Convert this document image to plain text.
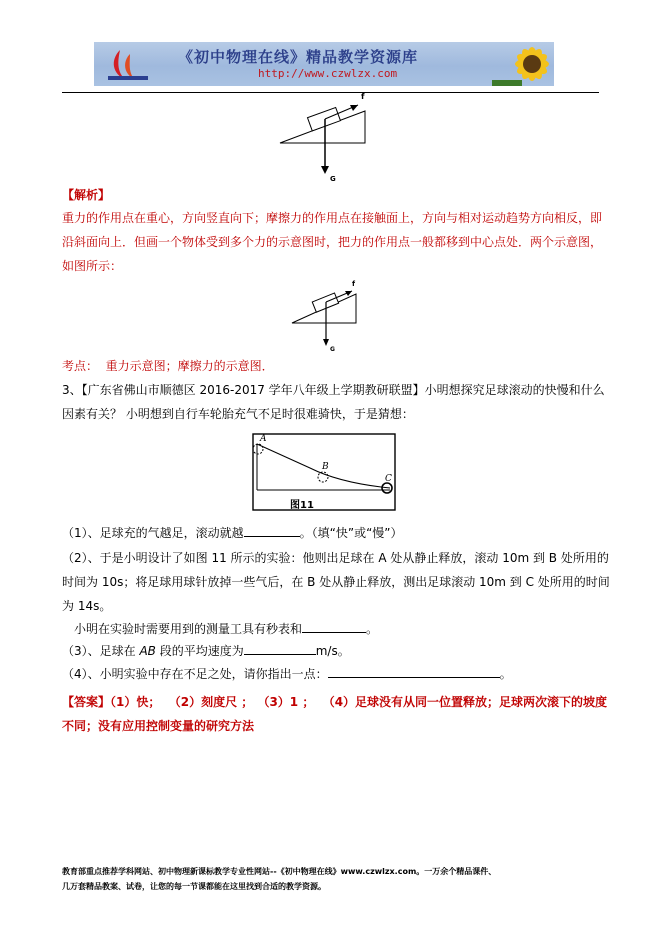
《初中物理在线》精品教学资源库
http://www.czwlzx.com
f
G
【解析】
重力的作用点在重心，方向竖直向下；摩擦力的作用点在接触面上，方向与相对运动趋势方向相反，即
沿斜面向上．但画一个物体受到多个力的示意图时，把力的作用点一般都移到中心点处．两个示意图，
如图所示：
f
G
考点： 重力示意图；摩擦力的示意图．
3、【广东省佛山市顺德区 2016-2017 学年八年级上学期教研联盟】小明想探究足球滚动的快慢和什么
因素有关？ 小明想到自行车轮胎充气不足时很难骑快，于是猜想：
A
B
C
图11
（1）、足球充的气越足，滚动就越	。（填“快”或“慢”）
（2）、于是小明设计了如图 11 所示的实验：他则出足球在 A 处从静止释放，滚动 10m 到 B 处所用的
时间为 10s；将足球用球针放掉一些气后，在 B 处从静止释放，测出足球滚动 10m 到 C 处所用的时间
为 14s。
小明在实验时需要用到的测量工具有秒表和	。
（3）、足球在 AB 段的平均速度为	m/s。
（4）、小明实验中存在不足之处，请你指出一点：	。
【答案】（1）快； （2）刻度尺 ； （3）1 ； （4）足球没有从同一位置释放；足球两次滚下的坡度
不同；没有应用控制变量的研究方法
教育部重点推荐学科网站、初中物理新课标教学专业性网站--《初中物理在线》www.czwlzx.com。一万余个精品课件、
几万套精品教案、试卷，让您的每一节课都能在这里找到合适的教学资源。
